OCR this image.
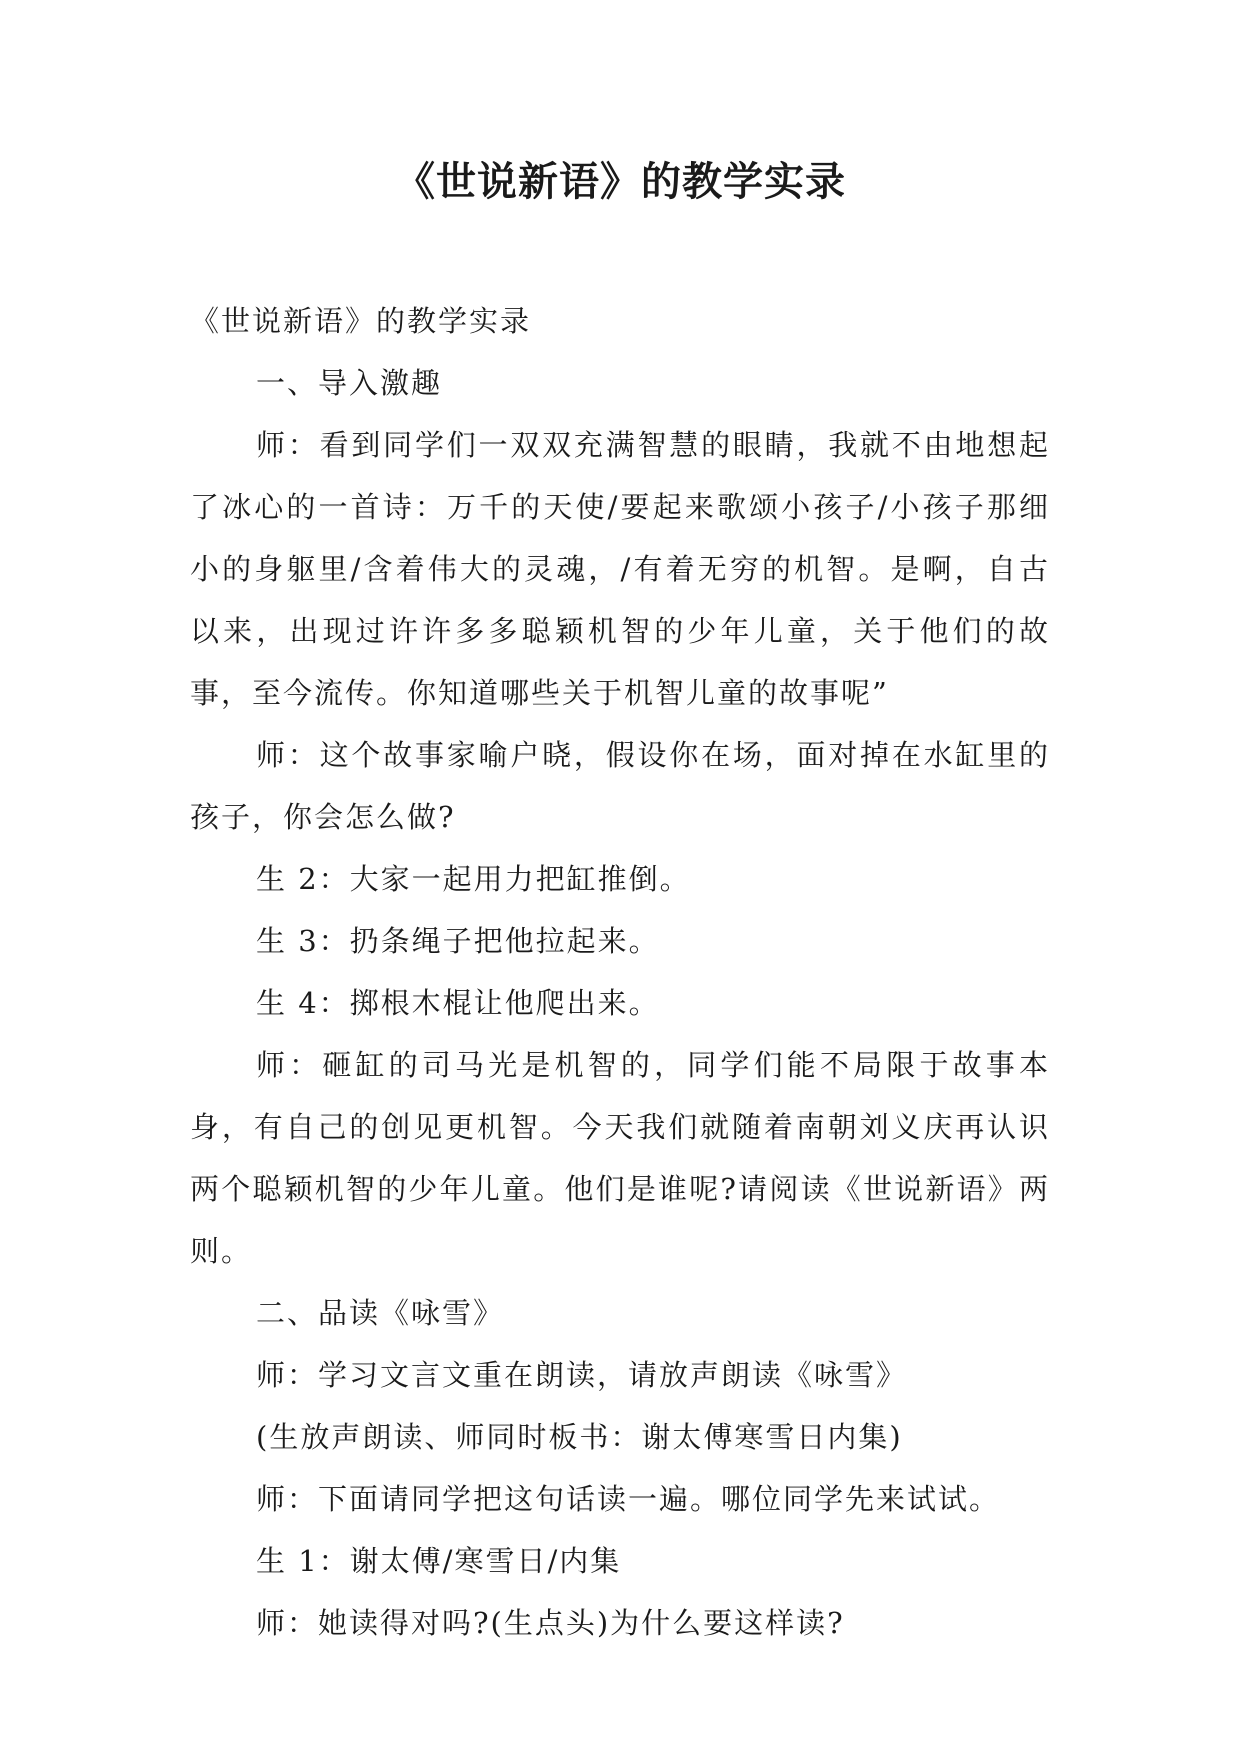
《世说新语》的教学实录

《世说新语》的教学实录

一、导入激趣

师：看到同学们一双双充满智慧的眼睛，我就不由地想起了冰心的一首诗：万千的天使/要起来歌颂小孩子/小孩子那细小的身躯里/含着伟大的灵魂，/有着无穷的机智。是啊，自古以来，出现过许许多多聪颖机智的少年儿童，关于他们的故事，至今流传。你知道哪些关于机智儿童的故事呢”

师：这个故事家喻户晓，假设你在场，面对掉在水缸里的孩子，你会怎么做?

生 2：大家一起用力把缸推倒。

生 3：扔条绳子把他拉起来。

生 4：掷根木棍让他爬出来。

师：砸缸的司马光是机智的，同学们能不局限于故事本身，有自己的创见更机智。今天我们就随着南朝刘义庆再认识两个聪颖机智的少年儿童。他们是谁呢?请阅读《世说新语》两则。

二、品读《咏雪》

师：学习文言文重在朗读，请放声朗读《咏雪》

(生放声朗读、师同时板书：谢太傅寒雪日内集)

师：下面请同学把这句话读一遍。哪位同学先来试试。

生 1：谢太傅/寒雪日/内集

师：她读得对吗?(生点头)为什么要这样读?
